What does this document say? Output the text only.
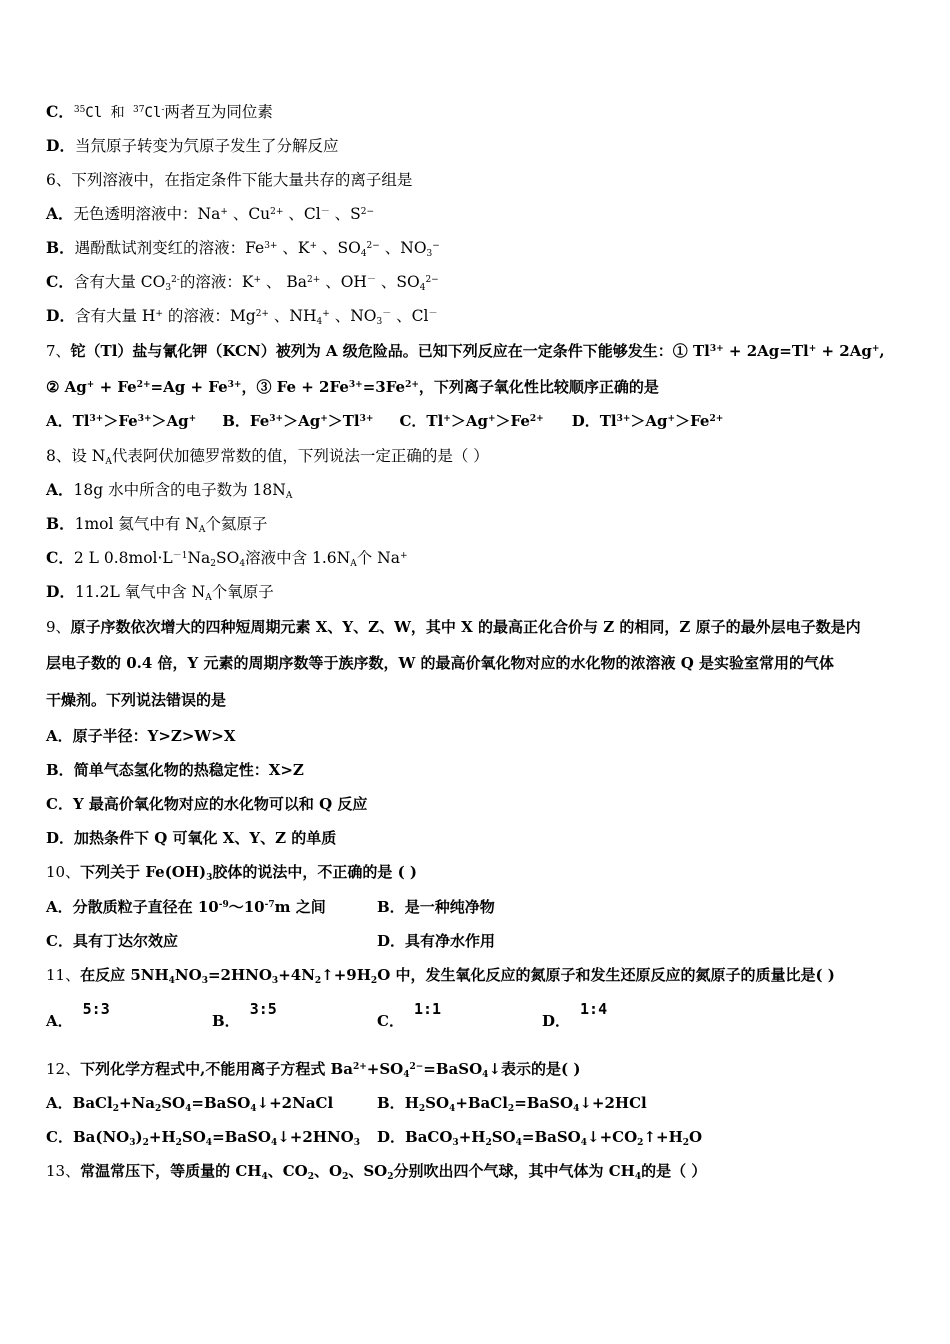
C．$^{35}$Cl 和 $^{37}$Cl-两者互为同位素
D．当氘原子转变为氕原子发生了分解反应
6、下列溶液中，在指定条件下能大量共存的离子组是
A．无色透明溶液中：Na+ 、$Cu^{2+}$ 、Cl－ 、$S^{2-}$
B．遇酚酞试剂变红的溶液：$Fe^{3+}$ 、K+ 、$SO_4^{2-}$ 、$NO_3^-$
C．含有大量 $CO_3^{2-}$的溶液：K+ 、 $Ba^{2+}$ 、OH－ 、$SO_4^{2-}$
D．含有大量 H+ 的溶液：$Mg^{2+}$ 、$NH_4^+$ 、$NO_3^-$ 、Cl－
7、铊（Tl）盐与氰化钾（KCN）被列为 A 级危险品。已知下列反应在一定条件下能够发生：① $Tl^{3+} + 2Ag=Tl^+ + 2Ag^+$,
② $Ag^+ + Fe^{2+}=Ag + Fe^{3+}$，③ $Fe + 2Fe^{3+}=3Fe^{2+}$，下列离子氧化性比较顺序正确的是
A．$Tl^{3+}>Fe^{3+}>Ag^+$ B．$Fe^{3+}>Ag^+>Tl^{3+}$ C．$Tl^+>Ag^+>Fe^{2+}$ D．$Tl^{3+}>Ag^+>Fe^{2+}$
8、设 $N_A$代表阿伏加德罗常数的值，下列说法一定正确的是（ ）
A．18g 水中所含的电子数为 $18N_A$
B．1mol 氦气中有 $N_A$个氦原子
C．2 L $0.8mol\cdot L^{-1}Na_2SO_4$溶液中含 $1.6N_A$个 Na+
D．11.2L 氧气中含 $N_A$个氧原子
9、原子序数依次增大的四种短周期元素 X、Y、Z、W，其中 X 的最高正化合价与 Z 的相同，Z 原子的最外层电子数是内
层电子数的 0.4 倍，Y 元素的周期序数等于族序数，W 的最高价氧化物对应的水化物的浓溶液 Q 是实验室常用的气体
干燥剂。下列说法错误的是
A．原子半径：Y>Z>W>X
B．简单气态氢化物的热稳定性：X>Z
C．Y 最高价氧化物对应的水化物可以和 Q 反应
D．加热条件下 Q 可氧化 X、Y、Z 的单质
10、下列关于 $Fe(OH)_3$胶体的说法中，不正确的是 ( )
A．分散质粒子直径在 $10^{-9}\sim 10^{-7}m$ 之间	B．是一种纯净物
C．具有丁达尔效应	D．具有净水作用
11、在反应 $5NH_4NO_3=2HNO_3+4N_2↑+9H_2O$ 中，发生氧化反应的氮原子和发生还原反应的氮原子的质量比是( )
A．5:3
B．3:5
C．1:1
D．1:4
12、下列化学方程式中,不能用离子方程式 $Ba^{2+}+SO_4^{2-}=BaSO_4↓$表示的是( )
A．$BaCl_2+Na_2SO_4=BaSO_4↓+2NaCl$	B．$H_2SO_4+BaCl_2=BaSO_4↓+2HCl$
C．$Ba(NO_3)_2+H_2SO_4=BaSO_4↓+2HNO_3$ D．$BaCO_3+H_2SO_4=BaSO_4↓+CO_2↑+H_2O$
13、常温常压下，等质量的 $CH_4$、$CO_2$、$O_2$、$SO_2$分别吹出四个气球，其中气体为 $CH_4$的是（ ）
